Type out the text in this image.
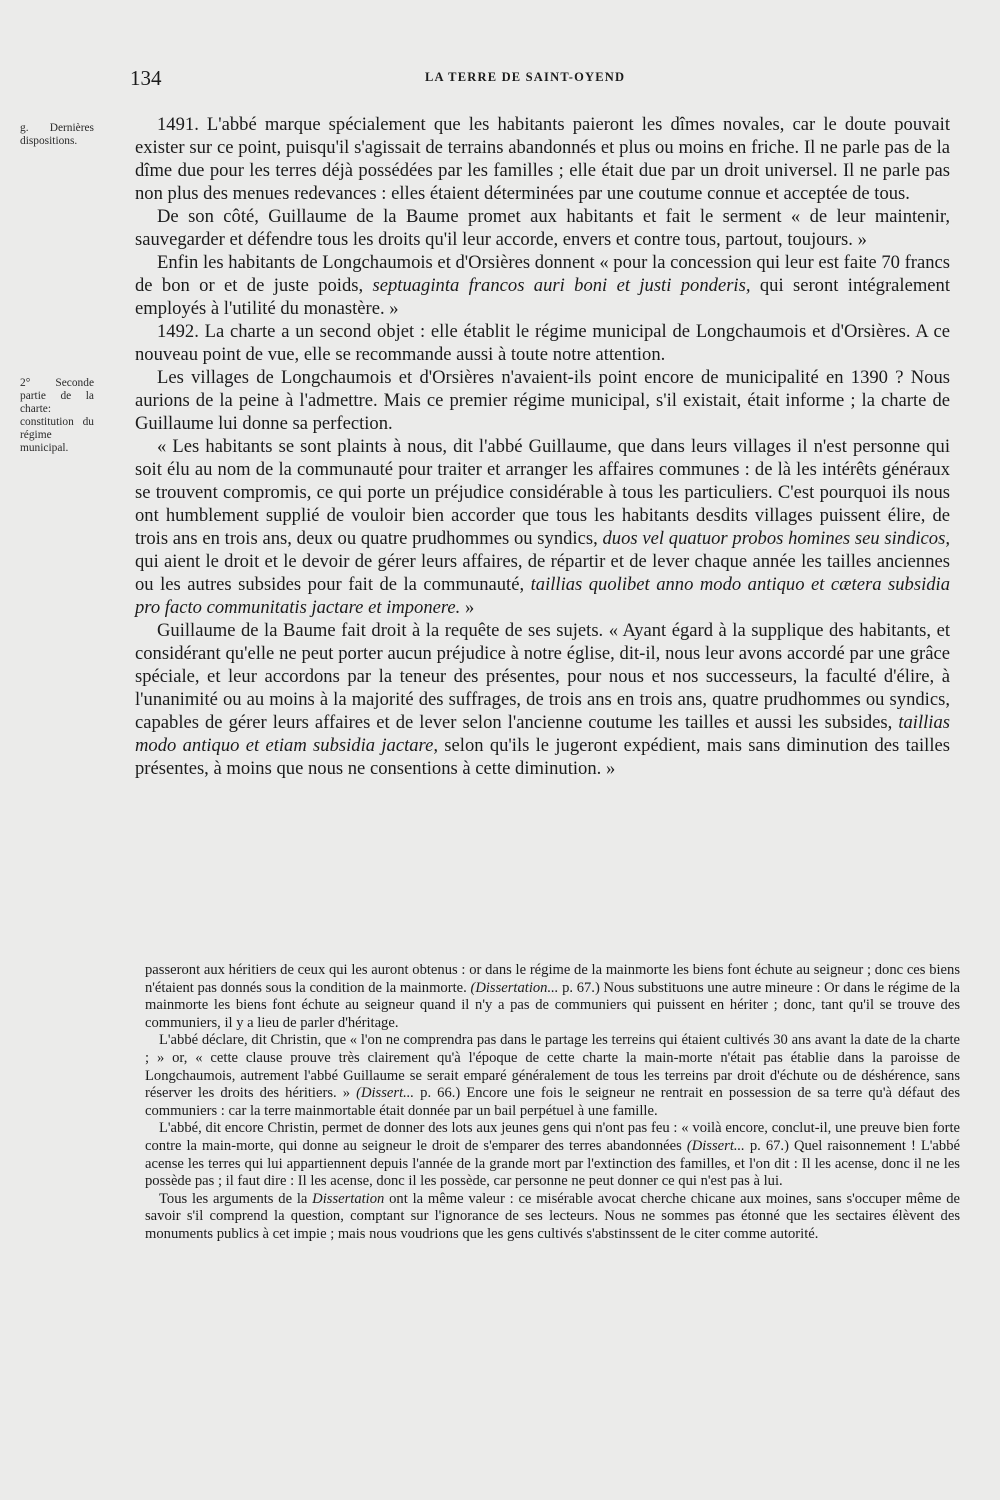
134	LA TERRE DE SAINT-OYEND
g. Dernières dispositions.
2° Seconde partie de la charte: constitution du régime municipal.

1491. L'abbé marque spécialement que les habitants paieront les dîmes novales, car le doute pouvait exister sur ce point, puisqu'il s'agissait de terrains abandonnés et plus ou moins en friche. Il ne parle pas de la dîme due pour les terres déjà possédées par les familles ; elle était due par un droit universel. Il ne parle pas non plus des menues redevances : elles étaient déterminées par une coutume connue et acceptée de tous.

De son côté, Guillaume de la Baume promet aux habitants et fait le serment « de leur maintenir, sauvegarder et défendre tous les droits qu'il leur accorde, envers et contre tous, partout, toujours. »

Enfin les habitants de Longchaumois et d'Orsières donnent « pour la concession qui leur est faite 70 francs de bon or et de juste poids, septuaginta francos auri boni et justi ponderis, qui seront intégralement employés à l'utilité du monastère. »

1492. La charte a un second objet : elle établit le régime municipal de Longchaumois et d'Orsières. A ce nouveau point de vue, elle se recommande aussi à toute notre attention.

Les villages de Longchaumois et d'Orsières n'avaient-ils point encore de municipalité en 1390 ? Nous aurions de la peine à l'admettre. Mais ce premier régime municipal, s'il existait, était informe ; la charte de Guillaume lui donne sa perfection.

« Les habitants se sont plaints à nous, dit l'abbé Guillaume, que dans leurs villages il n'est personne qui soit élu au nom de la communauté pour traiter et arranger les affaires communes : de là les intérêts généraux se trouvent compromis, ce qui porte un préjudice considérable à tous les particuliers. C'est pourquoi ils nous ont humblement supplié de vouloir bien accorder que tous les habitants desdits villages puissent élire, de trois ans en trois ans, deux ou quatre prudhommes ou syndics, duos vel quatuor probos homines seu sindicos, qui aient le droit et le devoir de gérer leurs affaires, de répartir et de lever chaque année les tailles anciennes ou les autres subsides pour fait de la communauté, taillias quolibet anno modo antiquo et cætera subsidia pro facto communitatis jactare et imponere. »

Guillaume de la Baume fait droit à la requête de ses sujets. « Ayant égard à la supplique des habitants, et considérant qu'elle ne peut porter aucun préjudice à notre église, dit-il, nous leur avons accordé par une grâce spéciale, et leur accordons par la teneur des présentes, pour nous et nos successeurs, la faculté d'élire, à l'unanimité ou au moins à la majorité des suffrages, de trois ans en trois ans, quatre prudhommes ou syndics, capables de gérer leurs affaires et de lever selon l'ancienne coutume les tailles et aussi les subsides, taillias modo antiquo et etiam subsidia jactare, selon qu'ils le jugeront expédient, mais sans diminution des tailles présentes, à moins que nous ne consentions à cette diminution. »

passeront aux héritiers de ceux qui les auront obtenus : or dans le régime de la mainmorte les biens font échute au seigneur ; donc ces biens n'étaient pas donnés sous la condition de la mainmorte. (Dissertation... p. 67.) Nous substituons une autre mineure : Or dans le régime de la mainmorte les biens font échute au seigneur quand il n'y a pas de communiers qui puissent en hériter ; donc, tant qu'il se trouve des communiers, il y a lieu de parler d'héritage.

L'abbé déclare, dit Christin, que « l'on ne comprendra pas dans le partage les terreins qui étaient cultivés 30 ans avant la date de la charte ; » or, « cette clause prouve très clairement qu'à l'époque de cette charte la main-morte n'était pas établie dans la paroisse de Longchaumois, autrement l'abbé Guillaume se serait emparé généralement de tous les terreins par droit d'échute ou de déshérence, sans réserver les droits des héritiers. » (Dissert... p. 66.) Encore une fois le seigneur ne rentrait en possession de sa terre qu'à défaut des communiers : car la terre mainmortable était donnée par un bail perpétuel à une famille.

L'abbé, dit encore Christin, permet de donner des lots aux jeunes gens qui n'ont pas feu : « voilà encore, conclut-il, une preuve bien forte contre la main-morte, qui donne au seigneur le droit de s'emparer des terres abandonnées (Dissert... p. 67.) Quel raisonnement ! L'abbé acense les terres qui lui appartiennent depuis l'année de la grande mort par l'extinction des familles, et l'on dit : Il les acense, donc il ne les possède pas ; il faut dire : Il les acense, donc il les possède, car personne ne peut donner ce qui n'est pas à lui.

Tous les arguments de la Dissertation ont la même valeur : ce misérable avocat cherche chicane aux moines, sans s'occuper même de savoir s'il comprend la question, comptant sur l'ignorance de ses lecteurs. Nous ne sommes pas étonné que les sectaires élèvent des monuments publics à cet impie ; mais nous voudrions que les gens cultivés s'abstinssent de le citer comme autorité.
